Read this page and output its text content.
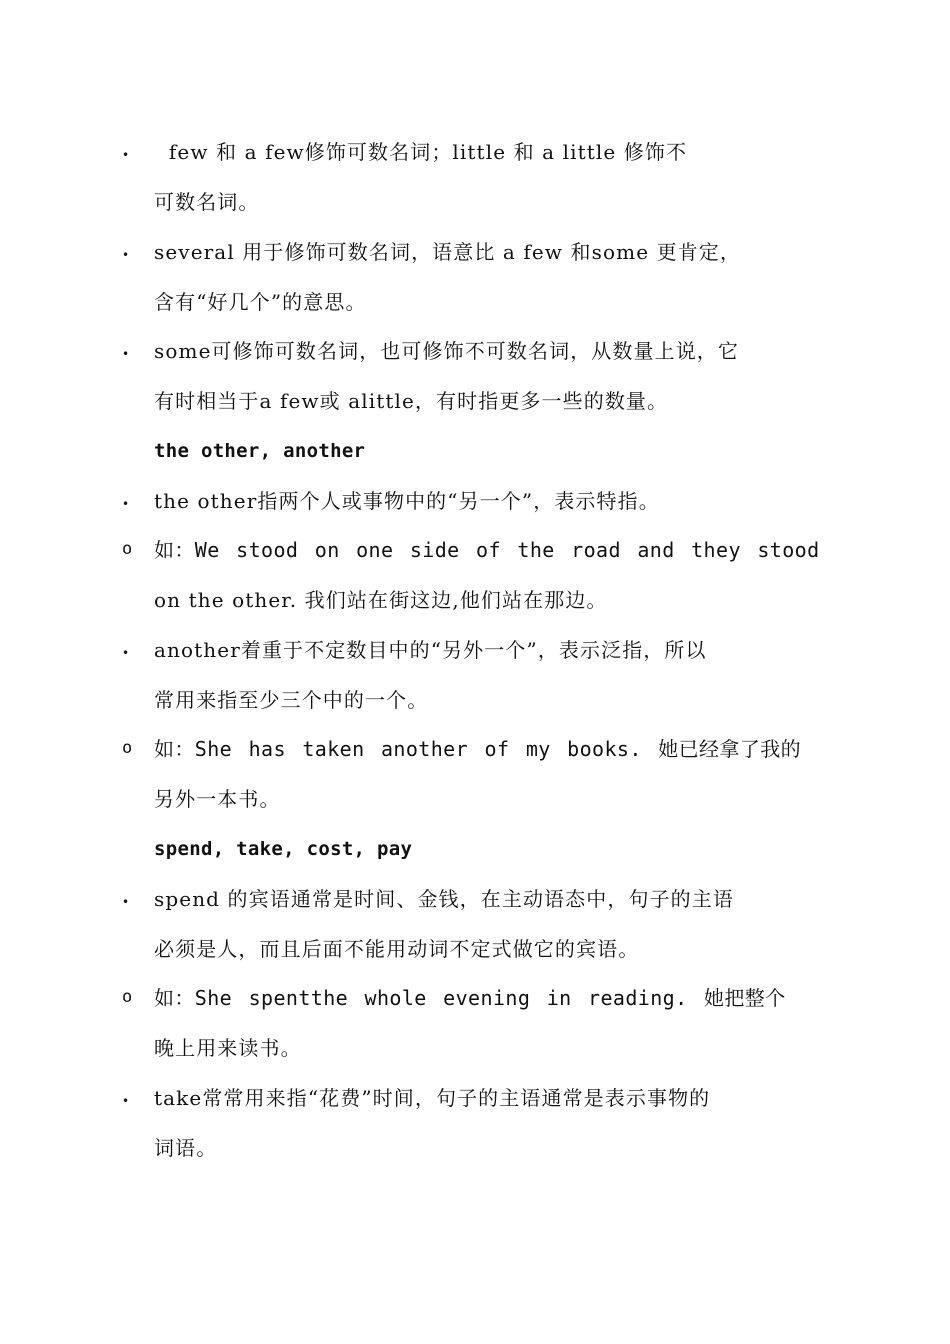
•	few 和 a few修饰可数名词；little 和 a little 修饰不
可数名词。
•	several 用于修饰可数名词，语意比 a few 和some 更肯定，
含有“好几个”的意思。
•	some可修饰可数名词，也可修饰不可数名词，从数量上说，它
有时相当于a few或 alittle，有时指更多一些的数量。
the other, another
•	the other指两个人或事物中的“另一个”，表示特指。
o 如：We stood on one side of the road and they stood
on the other. 我们站在街这边,他们站在那边。
•	another着重于不定数目中的“另外一个”，表示泛指，所以
常用来指至少三个中的一个。
o 如：She has taken another of my books. 她已经拿了我的
另外一本书。
spend, take, cost, pay
•	spend 的宾语通常是时间、金钱，在主动语态中，句子的主语
必须是人，而且后面不能用动词不定式做它的宾语。
o 如：She spentthe whole evening in reading. 她把整个
晚上用来读书。
•	take常常用来指“花费”时间，句子的主语通常是表示事物的
词语。
